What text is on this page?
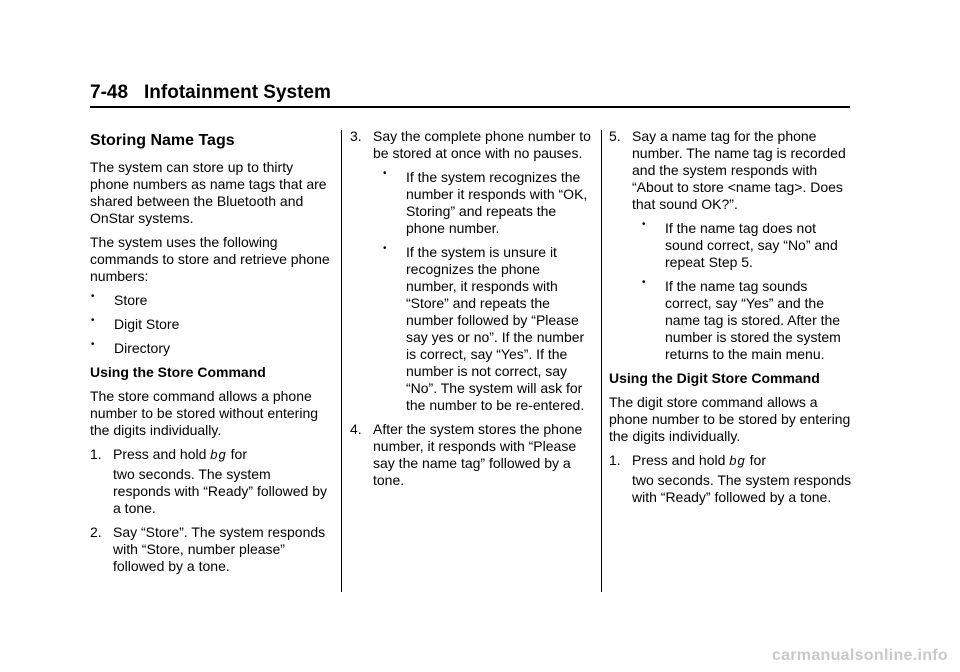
7-48 Infotainment System
Storing Name Tags

The system can store up to thirty phone numbers as name tags that are shared between the Bluetooth and OnStar systems.

The system uses the following commands to store and retrieve phone numbers:

• Store
• Digit Store
• Directory
Using the Store Command

The store command allows a phone number to be stored without entering the digits individually.

1. Press and hold bg for
two seconds. The system responds with “Ready” followed by a tone.
2. Say “Store”. The system responds with “Store, number please” followed by a tone.
3. Say the complete phone number to be stored at once with no pauses.
• If the system recognizes the number it responds with “OK, Storing” and repeats the phone number.
• If the system is unsure it recognizes the phone number, it responds with “Store” and repeats the number followed by “Please say yes or no”. If the number is correct, say “Yes”. If the number is not correct, say “No”. The system will ask for the number to be re-entered.
4. After the system stores the phone number, it responds with “Please say the name tag” followed by a tone.
5. Say a name tag for the phone number. The name tag is recorded and the system responds with “About to store <name tag>. Does that sound OK?”.
• If the name tag does not sound correct, say “No” and repeat Step 5.
• If the name tag sounds correct, say “Yes” and the name tag is stored. After the number is stored the system returns to the main menu.
Using the Digit Store Command

The digit store command allows a phone number to be stored by entering the digits individually.

1. Press and hold bg for
two seconds. The system responds with “Ready” followed by a tone.
carmanualsonline.info
